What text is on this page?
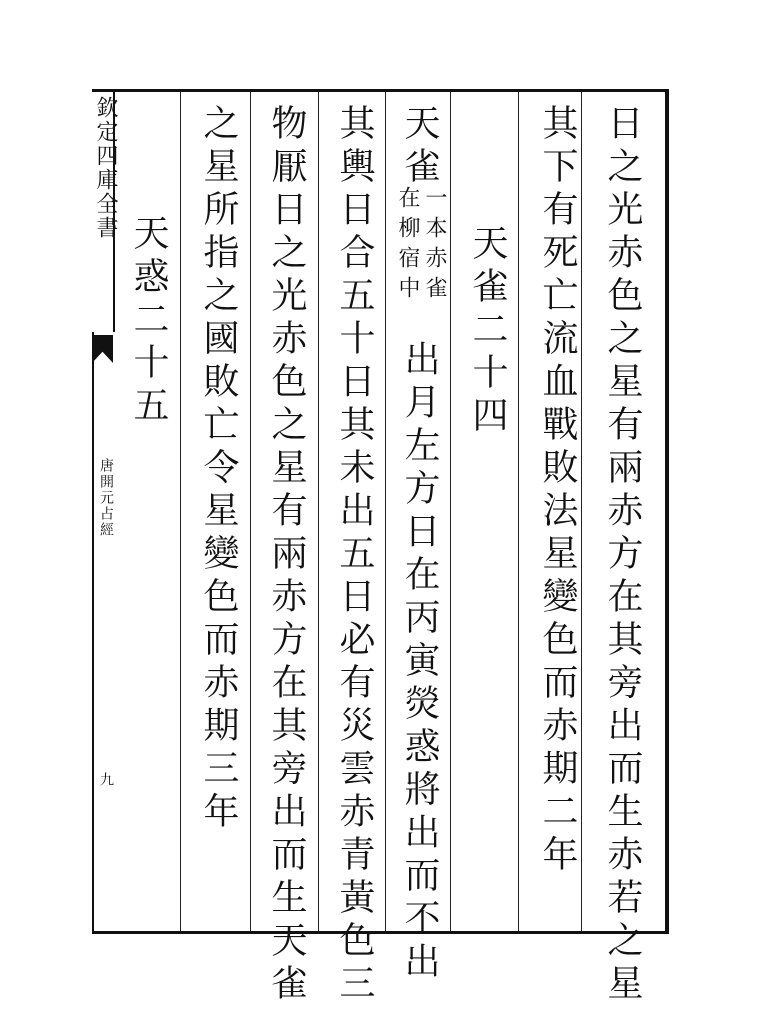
欽定四庫全書
唐開元占經
九	日之光赤色之星有兩赤方在其旁出而生赤若之星
其下有死亡流血戰敗法星變色而赤期二年
天雀二十四
天雀
一本赤雀
在柳宿中
出月左方日在丙寅熒惑將出而不出
其輿日合五十日其未出五日必有災雲赤青黃色三
物厭日之光赤色之星有兩赤方在其旁出而生天雀
之星所指之國敗亡令星變色而赤期三年
天惑二十五
